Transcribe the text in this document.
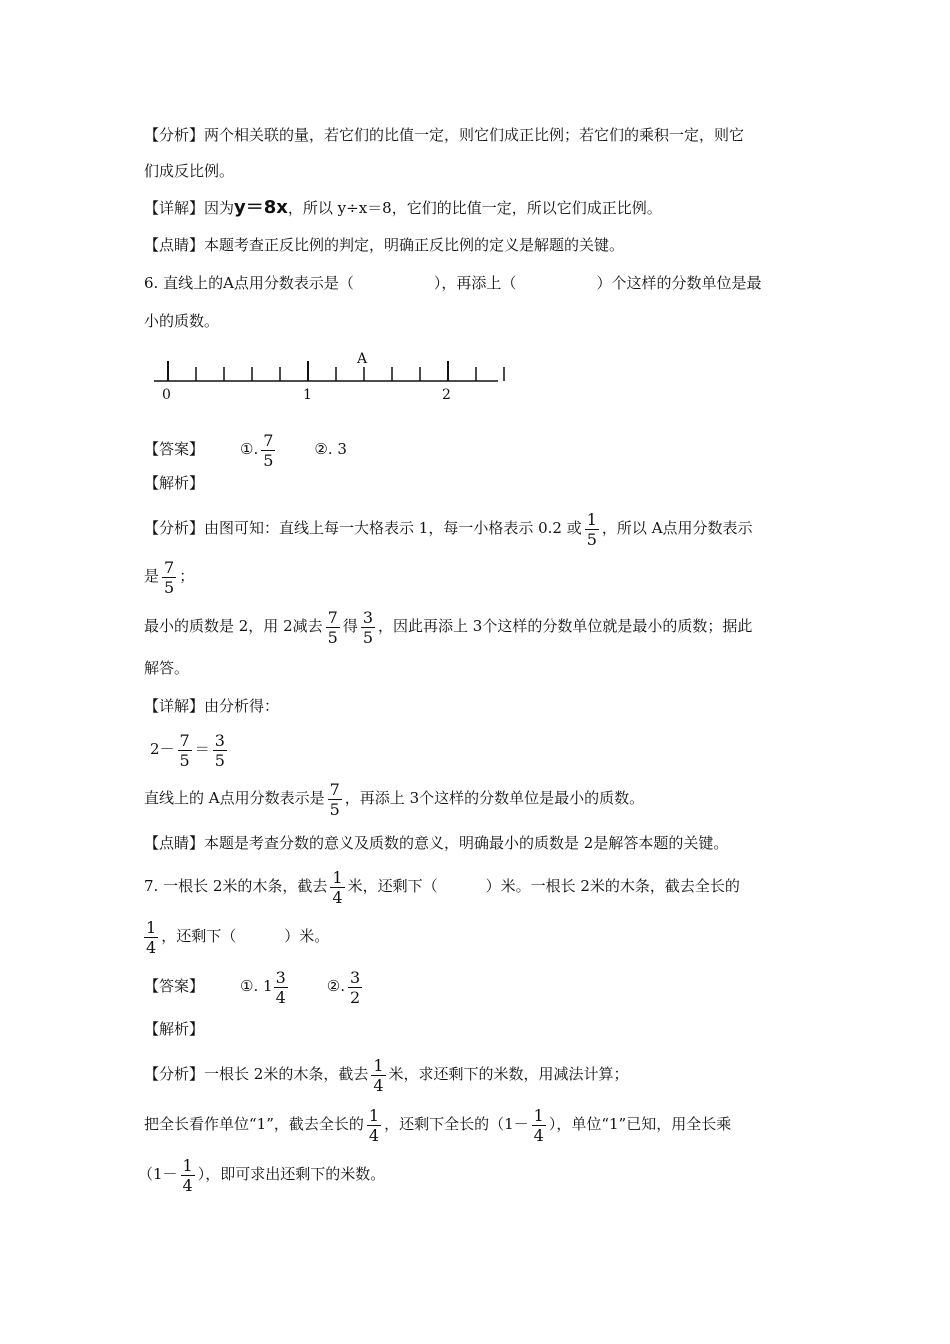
【分析】两个相关联的量，若它们的比值一定，则它们成正比例；若它们的乘积一定，则它
们成反比例。
【详解】因为y＝8x，所以 y÷x＝8，它们的比值一定，所以它们成正比例。
【点睛】本题考查正反比例的判定，明确正反比例的定义是解题的关键。
6. 直线上的A点用分数表示是（	），再添上（	）个这样的分数单位是最
小的质数。
A
0	1	2
【答案】 ①. $\frac{7}{5}$	②. 3
【解析】
【分析】由图可知：直线上每一大格表示 1，每一小格表示 0.2 或 $\frac{1}{5}$ ，所以 A点用分数表示
是 $\frac{7}{5}$ ；
最小的质数是 2，用 2减去 $\frac{7}{5}$ 得 $\frac{3}{5}$ ，因此再添上 3个这样的分数单位就是最小的质数；据此
解答。
【详解】由分析得：
$2- \frac{7}{5} = \frac{3}{5}$
直线上的 A点用分数表示是 $\frac{7}{5}$ ，再添上 3个这样的分数单位是最小的质数。
【点睛】本题是考查分数的意义及质数的意义，明确最小的质数是 2是解答本题的关键。
7. 一根长 2米的木条，截去 $\frac{1}{4}$ 米，还剩下（	）米。一根长 2米的木条，截去全长的
$\frac{1}{4}$ ，还剩下（	）米。
【答案】 ①. $1 \frac{3}{4}$	②. $\frac{3}{2}$
【解析】
【分析】一根长 2米的木条，截去 $\frac{1}{4}$ 米，求还剩下的米数，用减法计算；
把全长看作单位“1”，截去全长的 $\frac{1}{4}$ ，还剩下全长的（$1- \frac{1}{4}$ ），单位“1”已知，用全长乘
（$1- \frac{1}{4}$ ），即可求出还剩下的米数。
